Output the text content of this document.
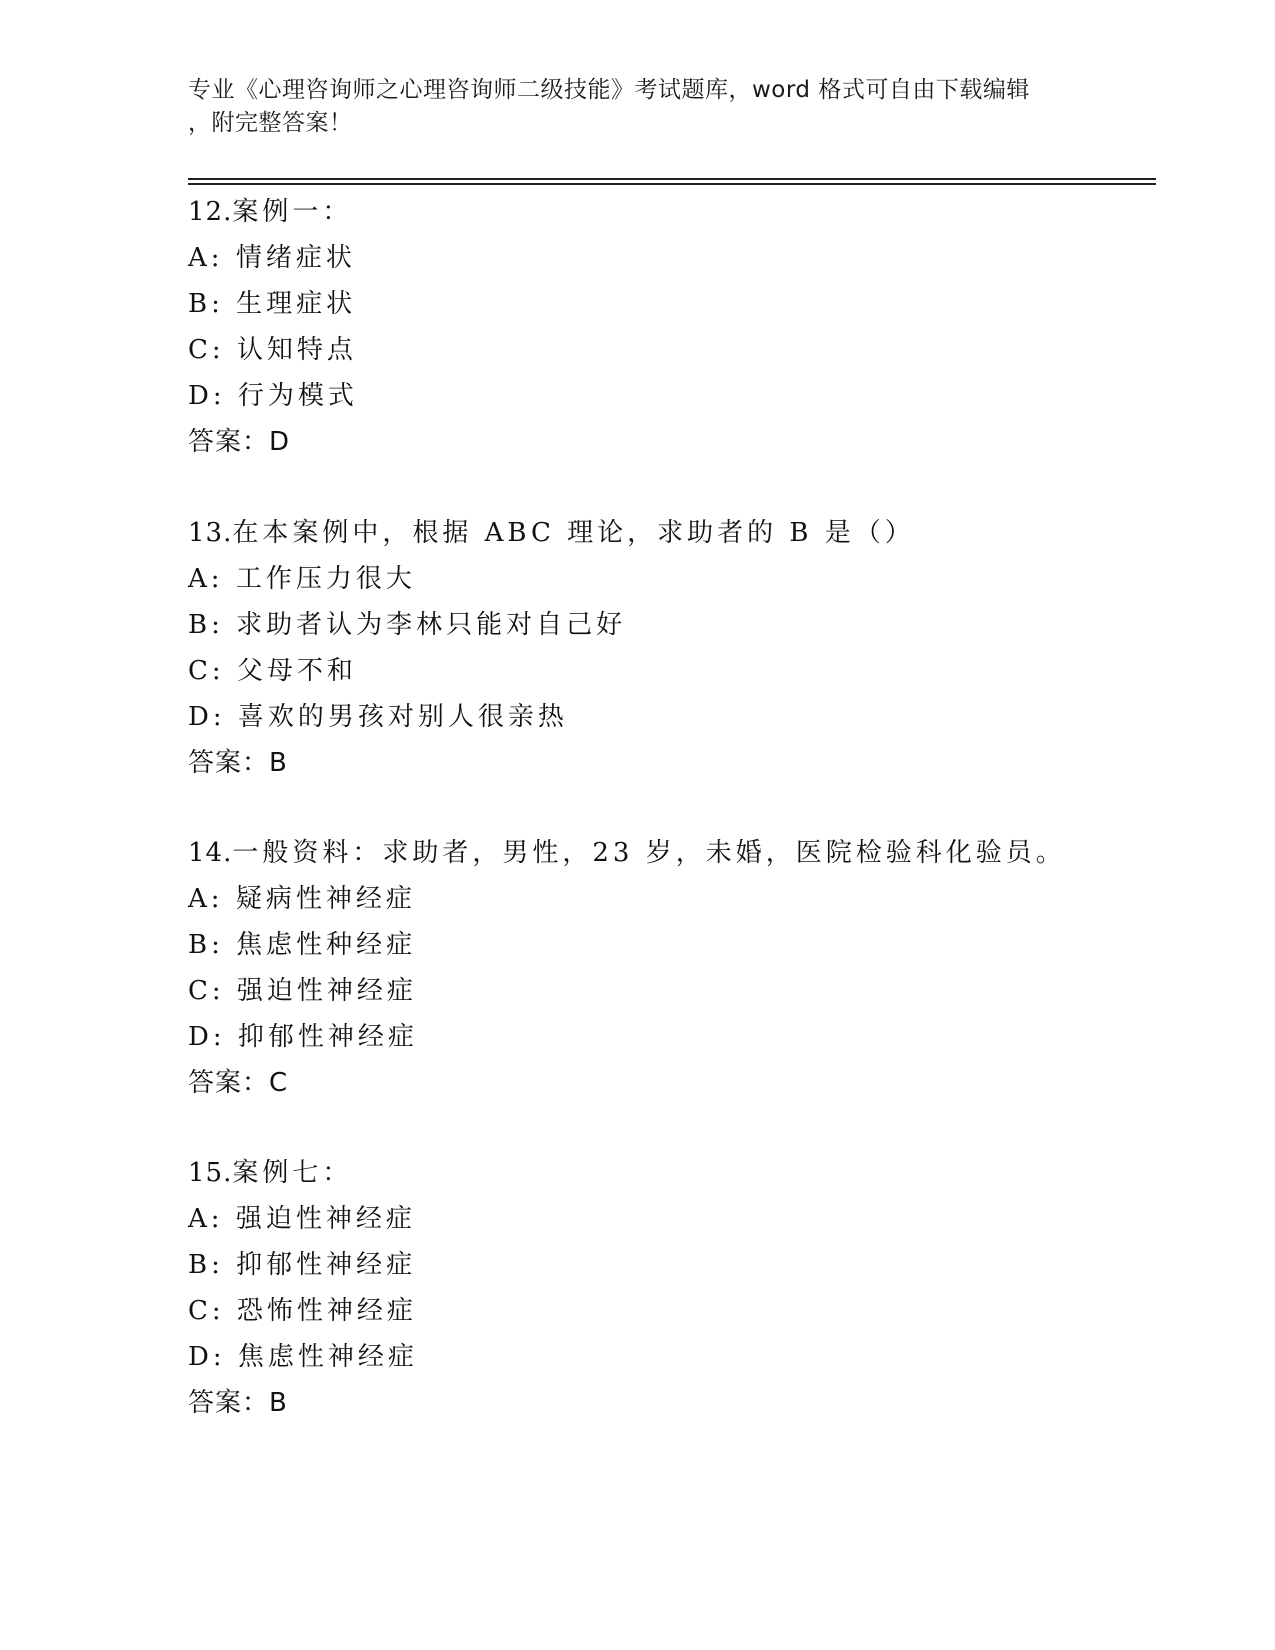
专业《心理咨询师之心理咨询师二级技能》考试题库，word 格式可自由下载编辑
，附完整答案！
12.案例一：
A: 情绪症状
B: 生理症状
C: 认知特点
D: 行为模式
答案：D
13.在本案例中，根据 ABC 理论，求助者的 B 是（）
A: 工作压力很大
B: 求助者认为李林只能对自己好
C: 父母不和
D: 喜欢的男孩对别人很亲热
答案：B
14.一般资料：求助者，男性，23 岁，未婚，医院检验科化验员。
A: 疑病性神经症
B: 焦虑性种经症
C: 强迫性神经症
D: 抑郁性神经症
答案：C
15.案例七：
A: 强迫性神经症
B: 抑郁性神经症
C: 恐怖性神经症
D: 焦虑性神经症
答案：B
